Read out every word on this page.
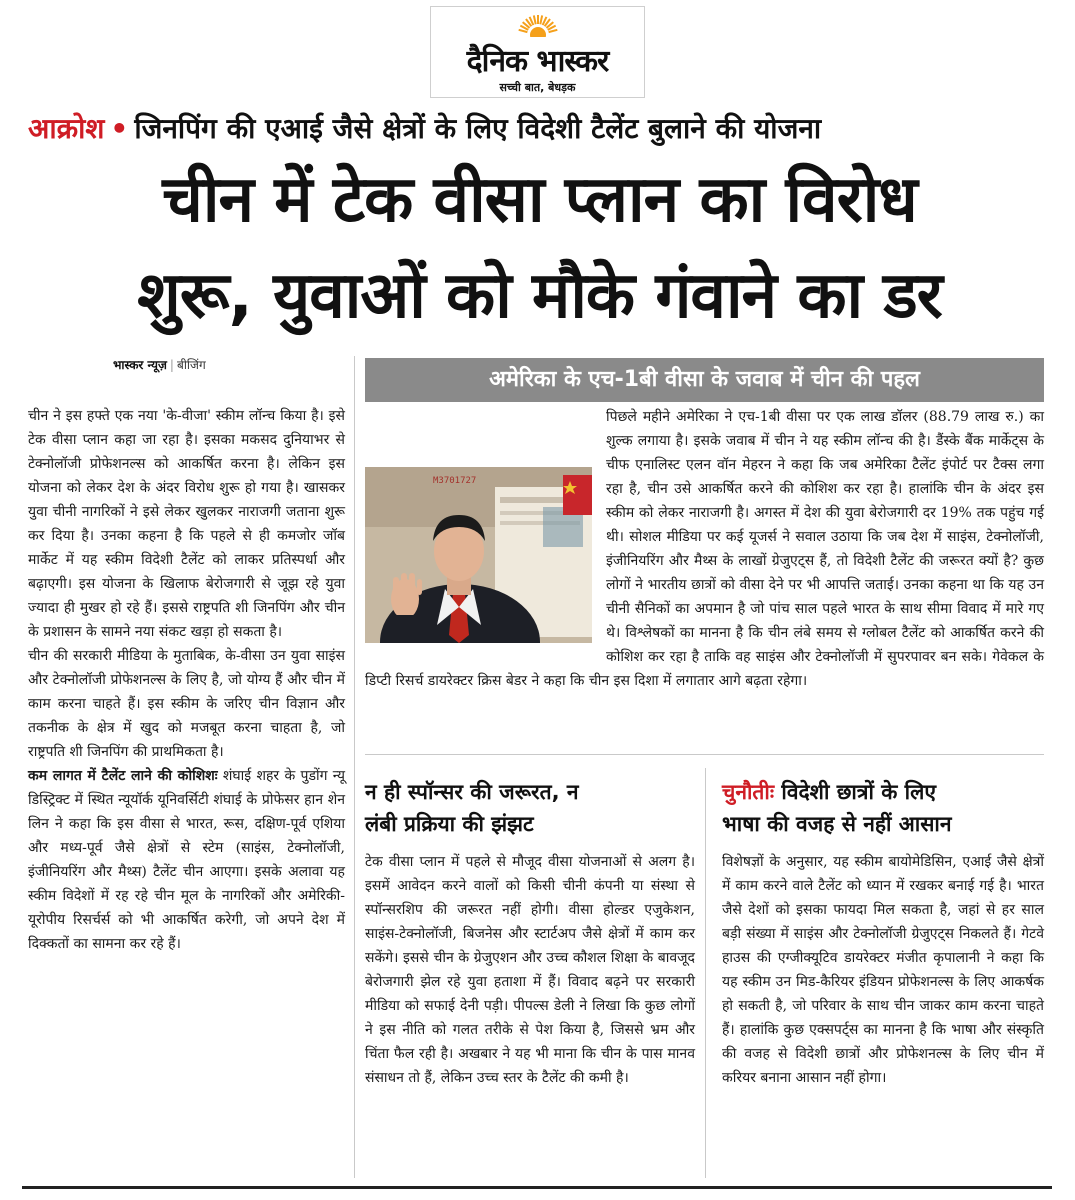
दैनिक भास्कर
सच्ची बात, बेधड़क
आक्रोश • जिनपिंग की एआई जैसे क्षेत्रों के लिए विदेशी टैलेंट बुलाने की योजना
चीन में टेक वीसा प्लान का विरोध
शुरू, युवाओं को मौके गंवाने का डर
भास्कर न्यूज़ | बीजिंग

चीन ने इस हफ्ते एक नया 'के-वीजा' स्कीम लॉन्च किया है। इसे टेक वीसा प्लान कहा जा रहा है। इसका मकसद दुनियाभर से टेक्नोलॉजी प्रोफेशनल्स को आकर्षित करना है। लेकिन इस योजना को लेकर देश के अंदर विरोध शुरू हो गया है। खासकर युवा चीनी नागरिकों ने इसे लेकर खुलकर नाराजगी जताना शुरू कर दिया है। उनका कहना है कि पहले से ही कमजोर जॉब मार्केट में यह स्कीम विदेशी टैलेंट को लाकर प्रतिस्पर्धा और बढ़ाएगी। इस योजना के खिलाफ बेरोजगारी से जूझ रहे युवा ज्यादा ही मुखर हो रहे हैं। इससे राष्ट्रपति शी जिनपिंग और चीन के प्रशासन के सामने नया संकट खड़ा हो सकता है।

चीन की सरकारी मीडिया के मुताबिक, के-वीसा उन युवा साइंस और टेक्नोलॉजी प्रोफेशनल्स के लिए है, जो योग्य हैं और चीन में काम करना चाहते हैं। इस स्कीम के जरिए चीन विज्ञान और तकनीक के क्षेत्र में खुद को मजबूत करना चाहता है, जो राष्ट्रपति शी जिनपिंग की प्राथमिकता है।

कम लागत में टैलेंट लाने की कोशिशः शंघाई शहर के पुडोंग न्यू डिस्ट्रिक्ट में स्थित न्यूयॉर्क यूनिवर्सिटी शंघाई के प्रोफेसर हान शेन लिन ने कहा कि इस वीसा से भारत, रूस, दक्षिण-पूर्व एशिया और मध्य-पूर्व जैसे क्षेत्रों से स्टेम (साइंस, टेक्नोलॉजी, इंजीनियरिंग और मैथ्स) टैलेंट चीन आएगा। इसके अलावा यह स्कीम विदेशों में रह रहे चीन मूल के नागरिकों और अमेरिकी-यूरोपीय रिसर्चर्स को भी आकर्षित करेगी, जो अपने देश में दिक्कतों का सामना कर रहे हैं।

अमेरिका के एच-1बी वीसा के जवाब में चीन की पहल
M3701727
पिछले महीने अमेरिका ने एच-1बी वीसा पर एक लाख डॉलर (88.79 लाख रु.) का शुल्क लगाया है। इसके जवाब में चीन ने यह स्कीम लॉन्च की है। डैंस्के बैंक मार्केट्स के चीफ एनालिस्ट एलन वॉन मेहरन ने कहा कि जब अमेरिका टैलेंट इंपोर्ट पर टैक्स लगा रहा है, चीन उसे आकर्षित करने की कोशिश कर रहा है। हालांकि चीन के अंदर इस स्कीम को लेकर नाराजगी है। अगस्त में देश की युवा बेरोजगारी दर 19% तक पहुंच गई थी। सोशल मीडिया पर कई यूजर्स ने सवाल उठाया कि जब देश में साइंस, टेक्नोलॉजी, इंजीनियरिंग और मैथ्स के लाखों ग्रेजुएट्स हैं, तो विदेशी टैलेंट की जरूरत क्यों है? कुछ लोगों ने भारतीय छात्रों को वीसा देने पर भी आपत्ति जताई। उनका कहना था कि यह उन चीनी सैनिकों का अपमान है जो पांच साल पहले भारत के साथ सीमा विवाद में मारे गए थे। विश्लेषकों का मानना है कि चीन लंबे समय से ग्लोबल टैलेंट को आकर्षित करने की कोशिश कर रहा है ताकि वह साइंस और टेक्नोलॉजी में सुपरपावर बन सके। गेवेकल के डिप्टी रिसर्च डायरेक्टर क्रिस बेडर ने कहा कि चीन इस दिशा में लगातार आगे बढ़ता रहेगा।
न ही स्पॉन्सर की जरूरत, न
लंबी प्रक्रिया की झंझट
टेक वीसा प्लान में पहले से मौजूद वीसा योजनाओं से अलग है। इसमें आवेदन करने वालों को किसी चीनी कंपनी या संस्था से स्पॉन्सरशिप की जरूरत नहीं होगी। वीसा होल्डर एजुकेशन, साइंस-टेक्नोलॉजी, बिजनेस और स्टार्टअप जैसे क्षेत्रों में काम कर सकेंगे। इससे चीन के ग्रेजुएशन और उच्च कौशल शिक्षा के बावजूद बेरोजगारी झेल रहे युवा हताशा में हैं। विवाद बढ़ने पर सरकारी मीडिया को सफाई देनी पड़ी। पीपल्स डेली ने लिखा कि कुछ लोगों ने इस नीति को गलत तरीके से पेश किया है, जिससे भ्रम और चिंता फैल रही है। अखबार ने यह भी माना कि चीन के पास मानव संसाधन तो हैं, लेकिन उच्च स्तर के टैलेंट की कमी है।
चुनौतीः विदेशी छात्रों के लिए
भाषा की वजह से नहीं आसान
विशेषज्ञों के अनुसार, यह स्कीम बायोमेडिसिन, एआई जैसे क्षेत्रों में काम करने वाले टैलेंट को ध्यान में रखकर बनाई गई है। भारत जैसे देशों को इसका फायदा मिल सकता है, जहां से हर साल बड़ी संख्या में साइंस और टेक्नोलॉजी ग्रेजुएट्स निकलते हैं। गेटवे हाउस की एग्जीक्यूटिव डायरेक्टर मंजीत कृपालानी ने कहा कि यह स्कीम उन मिड-कैरियर इंडियन प्रोफेशनल्स के लिए आकर्षक हो सकती है, जो परिवार के साथ चीन जाकर काम करना चाहते हैं। हालांकि कुछ एक्सपर्ट्स का मानना है कि भाषा और संस्कृति की वजह से विदेशी छात्रों और प्रोफेशनल्स के लिए चीन में करियर बनाना आसान नहीं होगा।
